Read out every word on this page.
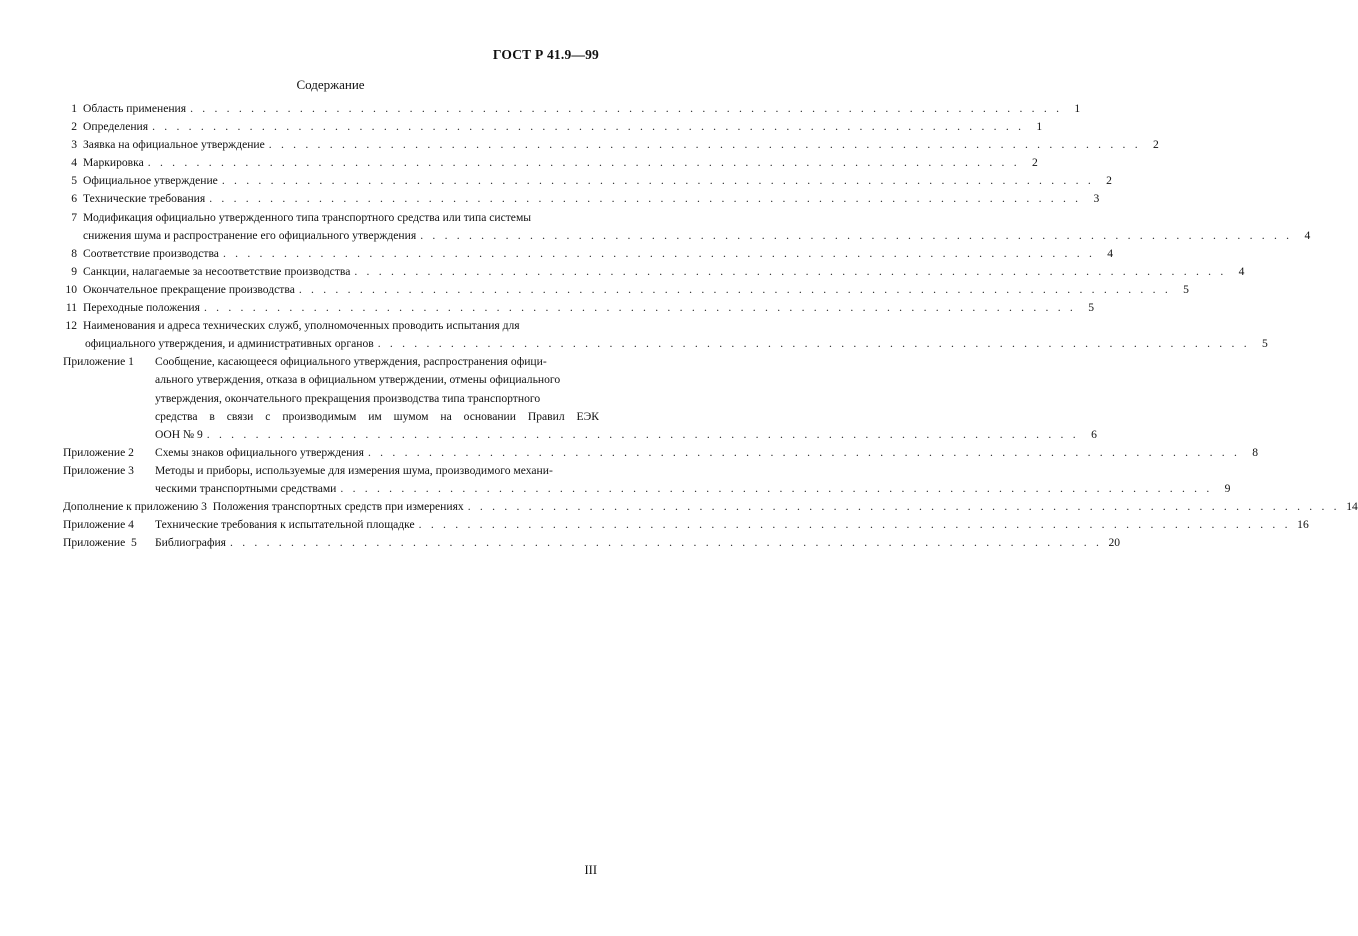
ГОСТ Р 41.9—99
Содержание
1 Область применения . . . . . . . . . . . . . . . . . . . . . . . . . . . . . . . . . . . . . . . . . . . . . . . . . . . . . . . . . . . . . . . . . . . . . . . .	1
2 Определения . . . . . . . . . . . . . . . . . . . . . . . . . . . . . . . . . . . . . . . . . . . . . . . . . . . . . . . . . . . . . . . . . . . . . . . .	1
3 Заявка на официальное утверждение . . . . . . . . . . . . . . . . . . . . . . . . . . . . . . . . . . . . . . . . . . . . . . . . . . . . . . . . . . . . . . . . . . . . . . . .	2
4 Маркировка . . . . . . . . . . . . . . . . . . . . . . . . . . . . . . . . . . . . . . . . . . . . . . . . . . . . . . . . . . . . . . . . . . . . . . . .	2
5 Официальное утверждение . . . . . . . . . . . . . . . . . . . . . . . . . . . . . . . . . . . . . . . . . . . . . . . . . . . . . . . . . . . . . . . . . . . . . . . .	2
6 Технические требования . . . . . . . . . . . . . . . . . . . . . . . . . . . . . . . . . . . . . . . . . . . . . . . . . . . . . . . . . . . . . . . . . . . . . . . .	3
7 Модификация официально утвержденного типа транспортного средства или типа системы
снижения шума и распространение его официального утверждения . . . . . . . . . . . . . . . . . . . . . . . . . . . . . . . . . . . . . . . . . . . . . . . . . . . . . . . . . . . . . . . . . . . . . . . .	4
8 Соответствие производства . . . . . . . . . . . . . . . . . . . . . . . . . . . . . . . . . . . . . . . . . . . . . . . . . . . . . . . . . . . . . . . . . . . . . . . .	4
9 Санкции, налагаемые за несоответствие производства . . . . . . . . . . . . . . . . . . . . . . . . . . . . . . . . . . . . . . . . . . . . . . . . . . . . . . . . . . . . . . . . . . . . . . . .	4
10 Окончательное прекращение производства . . . . . . . . . . . . . . . . . . . . . . . . . . . . . . . . . . . . . . . . . . . . . . . . . . . . . . . . . . . . . . . . . . . . . . . .	5
11 Переходные положения . . . . . . . . . . . . . . . . . . . . . . . . . . . . . . . . . . . . . . . . . . . . . . . . . . . . . . . . . . . . . . . . . . . . . . . .	5
12 Наименования и адреса технических служб, уполномоченных проводить испытания для
официального утверждения, и административных органов . . . . . . . . . . . . . . . . . . . . . . . . . . . . . . . . . . . . . . . . . . . . . . . . . . . . . . . . . . . . . . . . . . . . . . . .	5
Приложение 1 Сообщение, касающееся официального утверждения, распространения офици-
ального утверждения, отказа в официальном утверждении, отмены официального
утверждения, окончательного прекращения производства типа транспортного
средства в связи с производимым им шумом на основании Правил ЕЭК
ООН № 9 . . . . . . . . . . . . . . . . . . . . . . . . . . . . . . . . . . . . . . . . . . . . . . . . . . . . . . . . . . . . . . . . . . . . . . . .	6
Приложение 2 Схемы знаков официального утверждения . . . . . . . . . . . . . . . . . . . . . . . . . . . . . . . . . . . . . . . . . . . . . . . . . . . . . . . . . . . . . . . . . . . . . . . .	8
Приложение 3 Методы и приборы, используемые для измерения шума, производимого механи-
ческими транспортными средствами . . . . . . . . . . . . . . . . . . . . . . . . . . . . . . . . . . . . . . . . . . . . . . . . . . . . . . . . . . . . . . . . . . . . . . . .	9
Дополнение к приложению 3  Положения транспортных средств при измерениях . . . . . . . . . . . . . . . . . . . . . . . . . . . . . . . . . . . . . . . . . . . . . . . . . . . . . . . . . . . . . . . . . . . . . . . . 14
Приложение 4 Технические требования к испытательной площадке . . . . . . . . . . . . . . . . . . . . . . . . . . . . . . . . . . . . . . . . . . . . . . . . . . . . . . . . . . . . . . . . . . . . . . . . 16
Приложение  5 Библиография . . . . . . . . . . . . . . . . . . . . . . . . . . . . . . . . . . . . . . . . . . . . . . . . . . . . . . . . . . . . . . . . . . . . . . . . 20
III
